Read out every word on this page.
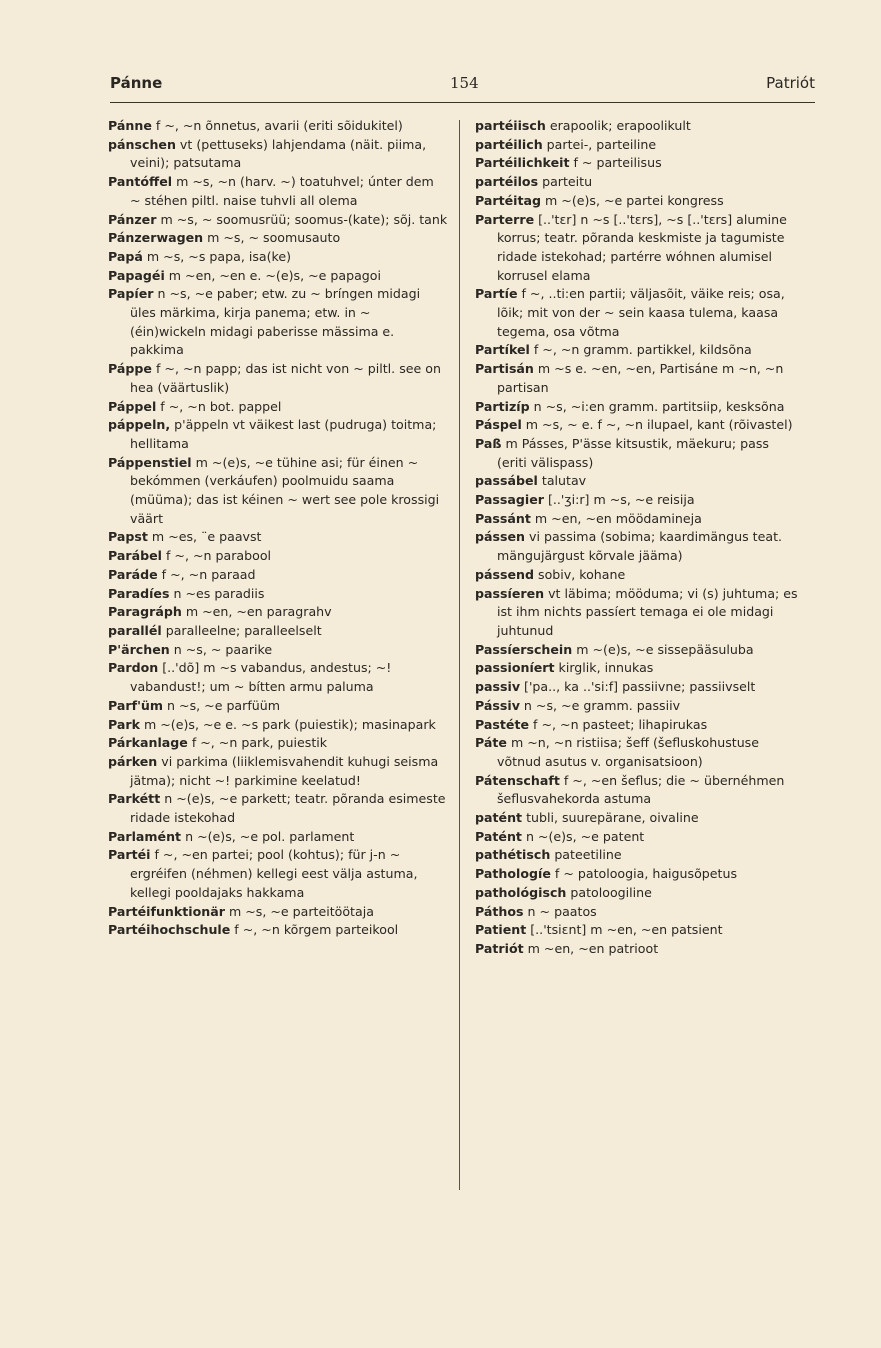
Pánne	154	Patriót

Pánne f ~, ~n õnnetus, avarii (eriti sõidukitel)

pánschen vt (pettuseks) lahjendama (näit. piima, veini); patsutama

Pantóffel m ~s, ~n (harv. ~) toatuhvel; únter dem ~ stéhen piltl. naise tuhvli all olema

Pánzer m ~s, ~ soomusrüü; soomus-(kate); sõj. tank

Pánzerwagen m ~s, ~ soomusauto

Papá m ~s, ~s papa, isa(ke)

Papagéi m ~en, ~en e. ~(e)s, ~e papagoi

Papíer n ~s, ~e paber; etw. zu ~ bríngen midagi üles märkima, kirja panema; etw. in ~ (éin)wickeln midagi paberisse mässima e. pakkima

Páppe f ~, ~n papp; das ist nicht von ~ piltl. see on hea (väärtuslik)

Páppel f ~, ~n bot. pappel

páppeln, p'äppeln vt väikest last (pudruga) toitma; hellitama

Páppenstiel m ~(e)s, ~e tühine asi; für éinen ~ bekómmen (verkáufen) poolmuidu saama (müüma); das ist kéinen ~ wert see pole krossigi väärt

Papst m ~es, ¨e paavst

Parábel f ~, ~n parabool

Paráde f ~, ~n paraad

Paradíes n ~es paradiis

Paragráph m ~en, ~en paragrahv

parallél paralleelne; paralleelselt

P'ärchen n ~s, ~ paarike

Pardon [..'dõ] m ~s vabandus, andestus; ~! vabandust!; um ~ bítten armu paluma

Parf'üm n ~s, ~e parfüüm

Park m ~(e)s, ~e e. ~s park (puiestik); masinapark

Párkanlage f ~, ~n park, puiestik

párken vi parkima (liiklemisvahendit kuhugi seisma jätma); nicht ~! parkimine keelatud!

Parkétt n ~(e)s, ~e parkett; teatr. põranda esimeste ridade istekohad

Parlamént n ~(e)s, ~e pol. parlament

Partéi f ~, ~en partei; pool (kohtus); für j-n ~ ergréifen (néhmen) kellegi eest välja astuma, kellegi pooldajaks hakkama

Partéifunktionär m ~s, ~e parteitöötaja

Partéihochschule f ~, ~n kõrgem parteikool

partéiisch erapoolik; erapoolikult

partéilich partei-, parteiline

Partéilichkeit f ~ parteilisus

partéilos parteitu

Partéitag m ~(e)s, ~e partei kongress

Parterre [..'tɛr] n ~s [..'tɛrs], ~s [..'tɛrs] alumine korrus; teatr. põranda keskmiste ja tagumiste ridade istekohad; partérre wóhnen alumisel korrusel elama

Partíe f ~, ..ti:en partii; väljasõit, väike reis; osa, lõik; mit von der ~ sein kaasa tulema, kaasa tegema, osa võtma

Partíkel f ~, ~n gramm. partikkel, kildsõna

Partisán m ~s e. ~en, ~en, Partisáne m ~n, ~n partisan

Partizíp n ~s, ~i:en gramm. partitsiip, kesksõna

Páspel m ~s, ~ e. f ~, ~n ilupael, kant (rõivastel)

Paß m Pásses, P'ässe kitsustik, mäekuru; pass (eriti välispass)

passábel talutav

Passagier [..'ʒi:r] m ~s, ~e reisija

Passánt m ~en, ~en möödamineja

pássen vi passima (sobima; kaardimängus teat. mängujärgust kõrvale jääma)

pássend sobiv, kohane

passíeren vt läbima; mööduma; vi (s) juhtuma; es ist ihm nichts passíert temaga ei ole midagi juhtunud

Passíerschein m ~(e)s, ~e sissepääsuluba

passioníert kirglik, innukas

passiv ['pa.., ka ..'si:f] passiivne; passiivselt

Pássiv n ~s, ~e gramm. passiiv

Pastéte f ~, ~n pasteet; lihapirukas

Páte m ~n, ~n ristiisa; šeff (šefluskohustuse võtnud asutus v. organisatsioon)

Pátenschaft f ~, ~en šeflus; die ~ übernéhmen šeflusvahekorda astuma

patént tubli, suurepärane, oivaline

Patént n ~(e)s, ~e patent

pathétisch pateetiline

Pathologíe f ~ patoloogia, haigusõpetus

pathológisch patoloogiline

Páthos n ~ paatos

Patient [..'tsiɛnt] m ~en, ~en patsient

Patriót m ~en, ~en patrioot
